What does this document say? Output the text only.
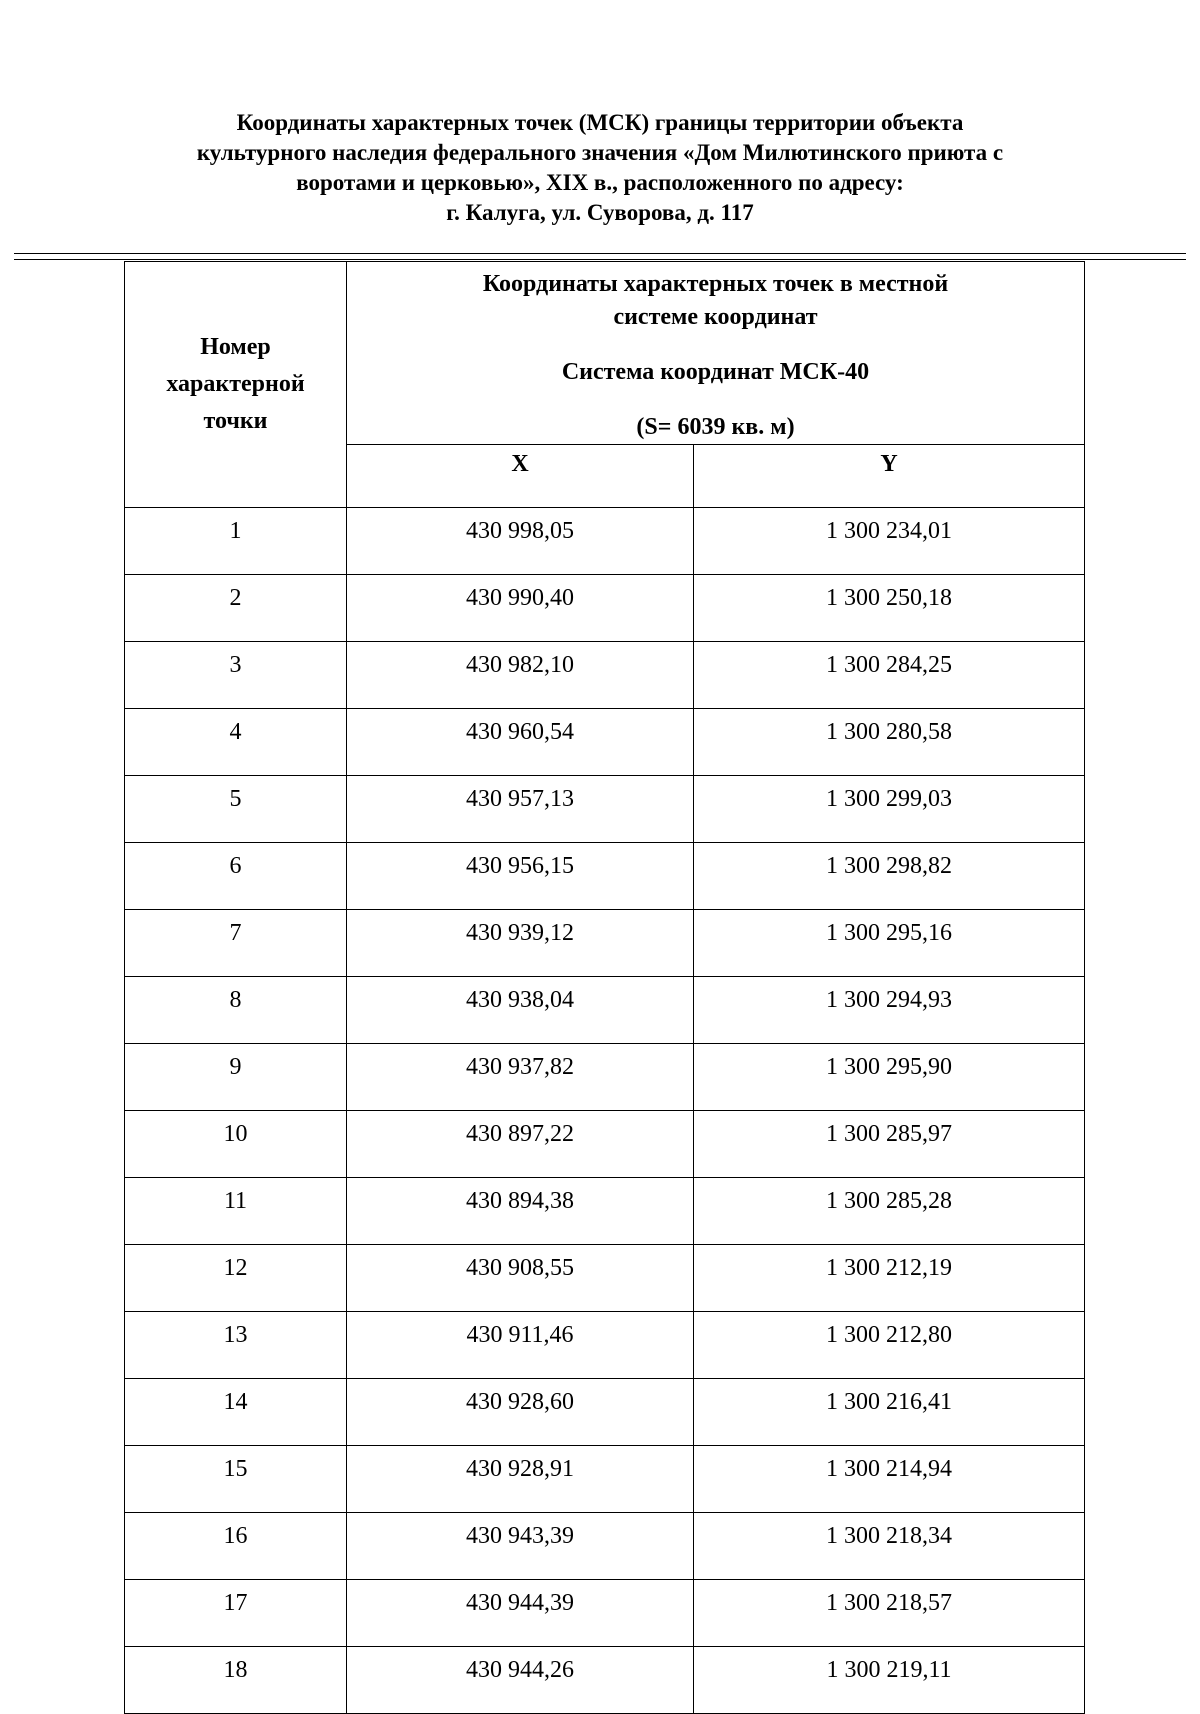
Координаты характерных точек (МСК) границы территории объекта
культурного наследия федерального значения «Дом Милютинского приюта с
воротами и церковью», XIX в., расположенного по адресу:
г. Калуга, ул. Суворова, д. 117
Номер
характерной
точки	Координаты характерных точек в местной
системе координат
Система координат МСК-40
(S= 6039 кв. м)	

	X	Y
1	430 998,05	1 300 234,01
2	430 990,40	1 300 250,18
3	430 982,10	1 300 284,25
4	430 960,54	1 300 280,58
5	430 957,13	1 300 299,03
6	430 956,15	1 300 298,82
7	430 939,12	1 300 295,16
8	430 938,04	1 300 294,93
9	430 937,82	1 300 295,90
10	430 897,22	1 300 285,97
11	430 894,38	1 300 285,28
12	430 908,55	1 300 212,19
13	430 911,46	1 300 212,80
14	430 928,60	1 300 216,41
15	430 928,91	1 300 214,94
16	430 943,39	1 300 218,34
17	430 944,39	1 300 218,57
18	430 944,26	1 300 219,11
